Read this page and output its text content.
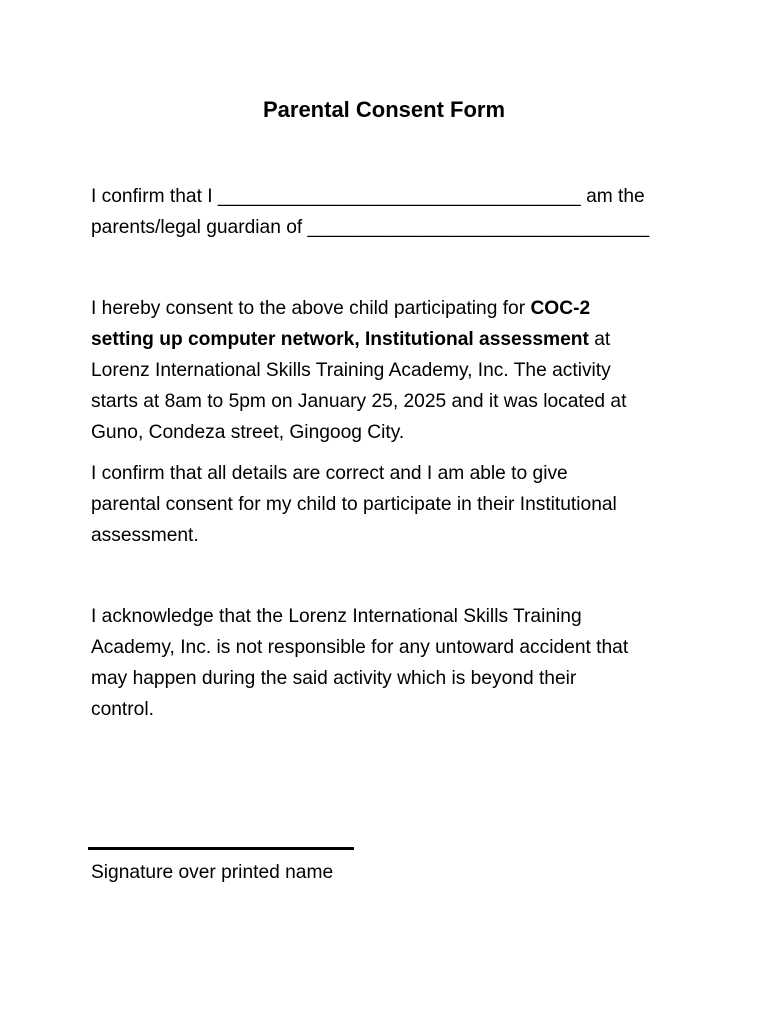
Parental Consent Form

I confirm that I __________________________________ am the
parents/legal guardian of ________________________________

I hereby consent to the above child participating for COC-2
setting up computer network, Institutional assessment at
Lorenz International Skills Training Academy, Inc. The activity
starts at 8am to 5pm on January 25, 2025 and it was located at
Guno, Condeza street, Gingoog City.

I confirm that all details are correct and I am able to give
parental consent for my child to participate in their Institutional
assessment.

I acknowledge that the Lorenz International Skills Training
Academy, Inc. is not responsible for any untoward accident that
may happen during the said activity which is beyond their
control.

Signature over printed name
